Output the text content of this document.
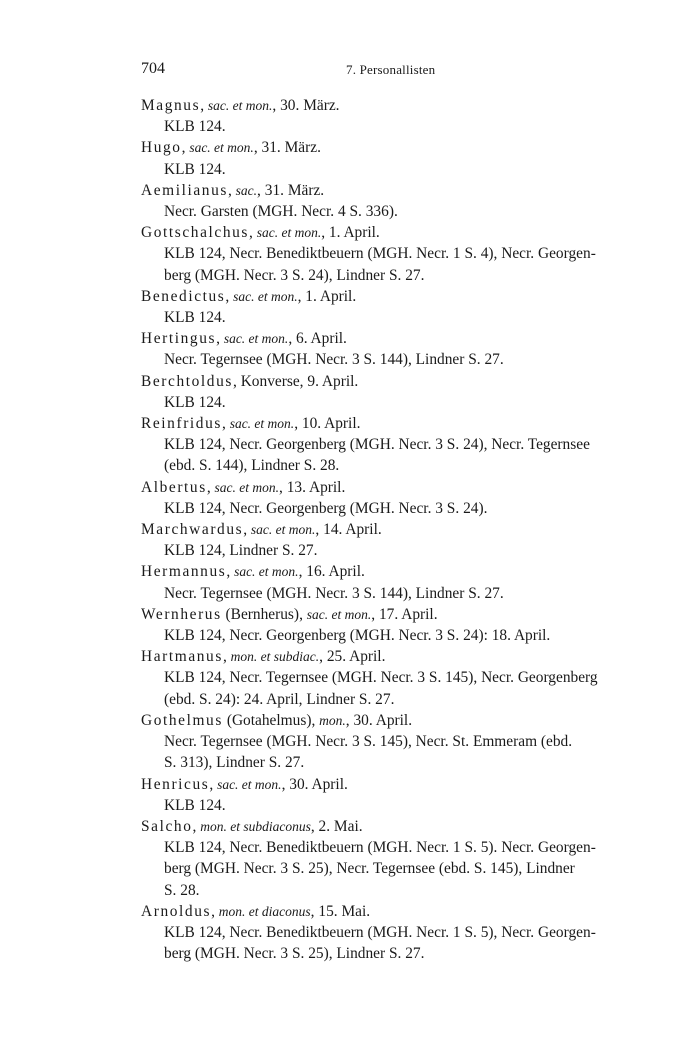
704	7. Personallisten
Magnus, sac. et mon., 30. März.
KLB 124.
Hugo, sac. et mon., 31. März.
KLB 124.
Aemilianus, sac., 31. März.
Necr. Garsten (MGH. Necr. 4 S. 336).
Gottschalchus, sac. et mon., 1. April.
KLB 124, Necr. Benediktbeuern (MGH. Necr. 1 S. 4), Necr. Georgen-
berg (MGH. Necr. 3 S. 24), Lindner S. 27.
Benedictus, sac. et mon., 1. April.
KLB 124.
Hertingus, sac. et mon., 6. April.
Necr. Tegernsee (MGH. Necr. 3 S. 144), Lindner S. 27.
Berchtoldus, Konverse, 9. April.
KLB 124.
Reinfridus, sac. et mon., 10. April.
KLB 124, Necr. Georgenberg (MGH. Necr. 3 S. 24), Necr. Tegernsee
(ebd. S. 144), Lindner S. 28.
Albertus, sac. et mon., 13. April.
KLB 124, Necr. Georgenberg (MGH. Necr. 3 S. 24).
Marchwardus, sac. et mon., 14. April.
KLB 124, Lindner S. 27.
Hermannus, sac. et mon., 16. April.
Necr. Tegernsee (MGH. Necr. 3 S. 144), Lindner S. 27.
Wernherus (Bernherus), sac. et mon., 17. April.
KLB 124, Necr. Georgenberg (MGH. Necr. 3 S. 24): 18. April.
Hartmanus, mon. et subdiac., 25. April.
KLB 124, Necr. Tegernsee (MGH. Necr. 3 S. 145), Necr. Georgenberg
(ebd. S. 24): 24. April, Lindner S. 27.
Gothelmus (Gotahelmus), mon., 30. April.
Necr. Tegernsee (MGH. Necr. 3 S. 145), Necr. St. Emmeram (ebd.
S. 313), Lindner S. 27.
Henricus, sac. et mon., 30. April.
KLB 124.
Salcho, mon. et subdiaconus, 2. Mai.
KLB 124, Necr. Benediktbeuern (MGH. Necr. 1 S. 5). Necr. Georgen-
berg (MGH. Necr. 3 S. 25), Necr. Tegernsee (ebd. S. 145), Lindner
S. 28.
Arnoldus, mon. et diaconus, 15. Mai.
KLB 124, Necr. Benediktbeuern (MGH. Necr. 1 S. 5), Necr. Georgen-
berg (MGH. Necr. 3 S. 25), Lindner S. 27.
